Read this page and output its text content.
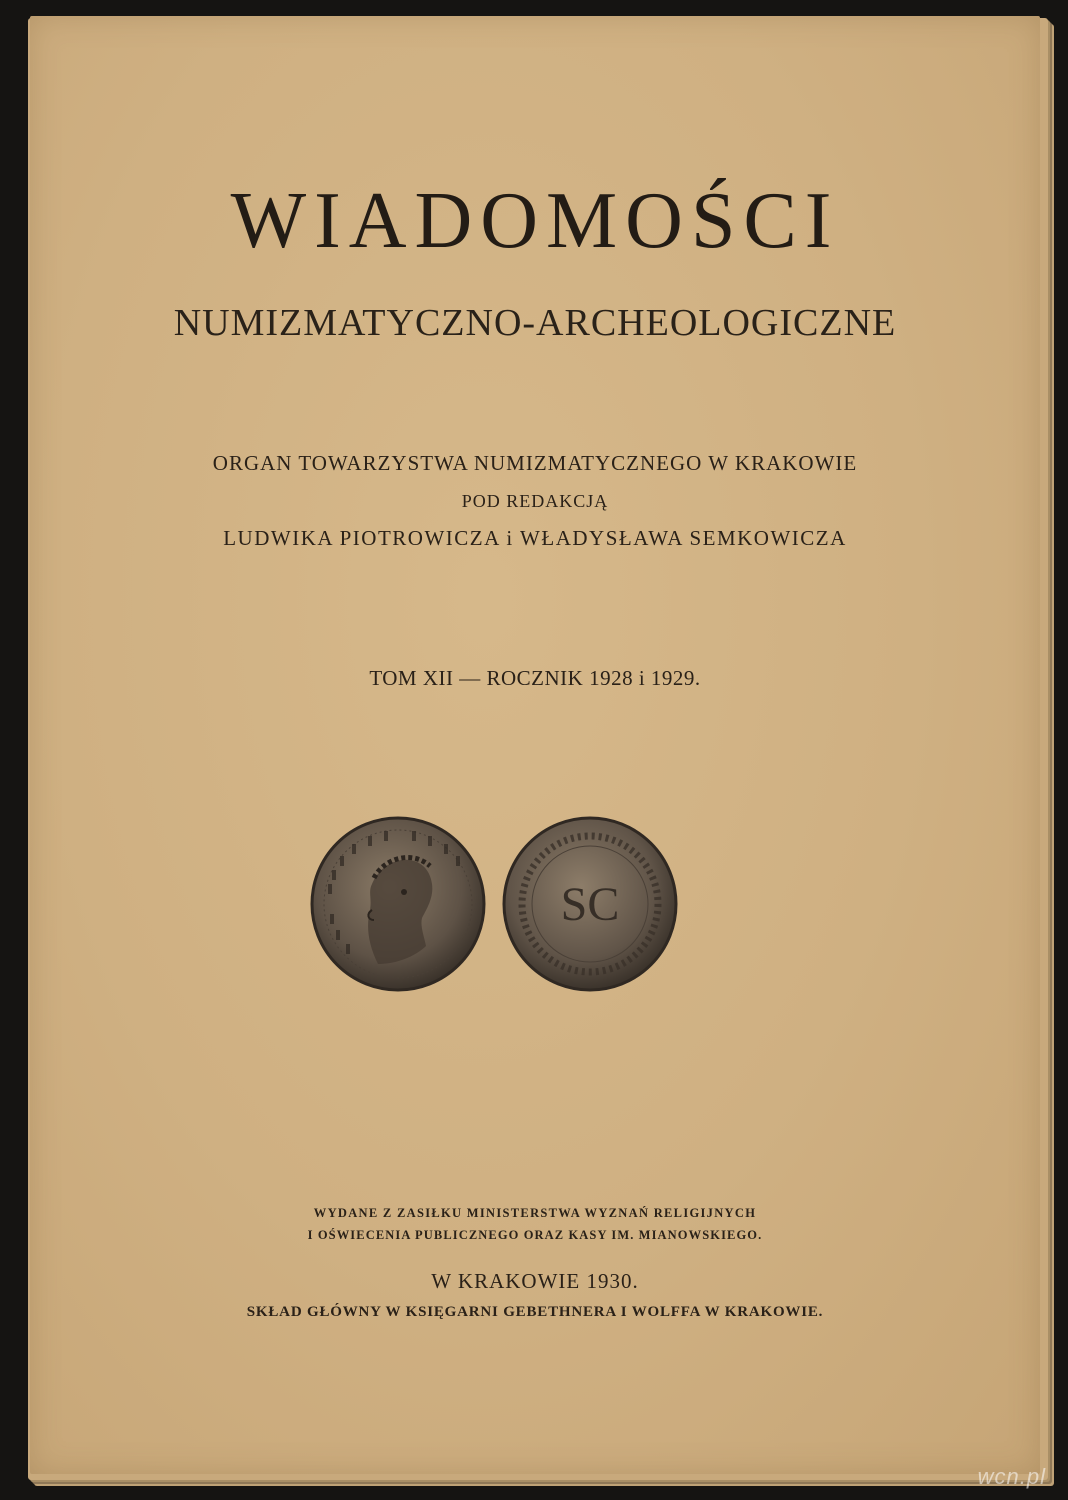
WIADOMOŚCI
NUMIZMATYCZNO-ARCHEOLOGICZNE
ORGAN TOWARZYSTWA NUMIZMATYCZNEGO W KRAKOWIE
POD REDAKCJĄ
LUDWIKA PIOTROWICZA i WŁADYSŁAWA SEMKOWICZA
TOM XII — ROCZNIK 1928 i 1929.
SC
WYDANE Z ZASIŁKU MINISTERSTWA WYZNAŃ RELIGIJNYCH
I OŚWIECENIA PUBLICZNEGO ORAZ KASY IM. MIANOWSKIEGO.
W KRAKOWIE 1930.
SKŁAD GŁÓWNY W KSIĘGARNI GEBETHNERA I WOLFFA W KRAKOWIE.
wcn.pl
